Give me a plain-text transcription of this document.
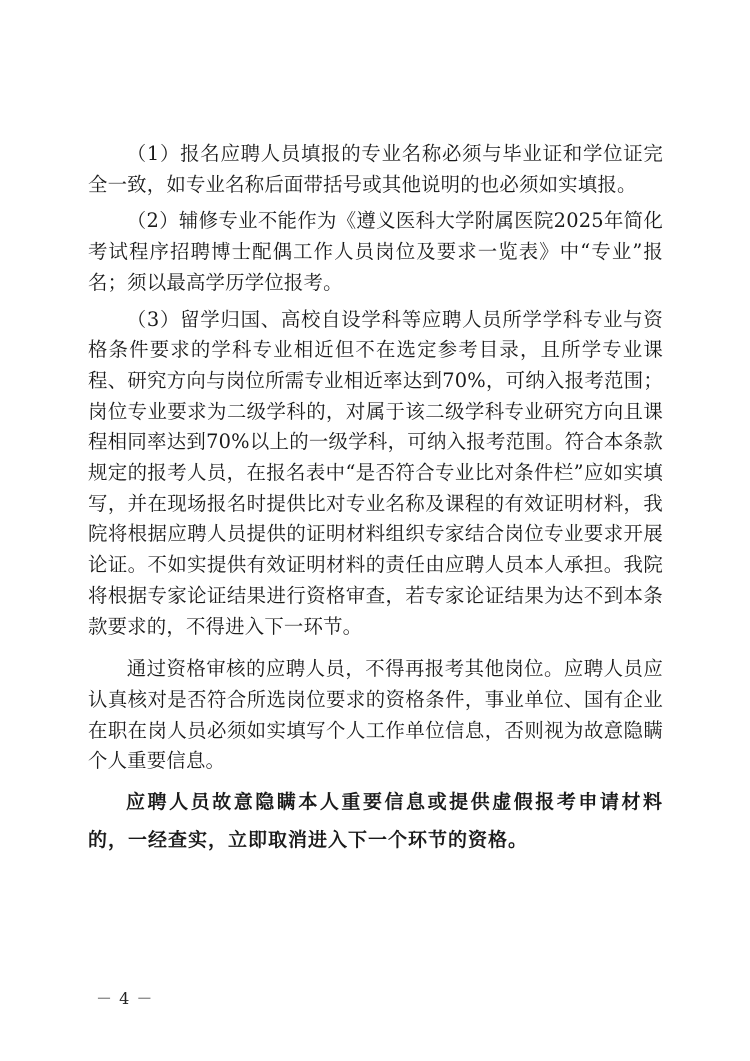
（1）报名应聘人员填报的专业名称必须与毕业证和学位证完全一致，如专业名称后面带括号或其他说明的也必须如实填报。

（2）辅修专业不能作为《遵义医科大学附属医院2025年简化考试程序招聘博士配偶工作人员岗位及要求一览表》中“专业”报名；须以最高学历学位报考。

（3）留学归国、高校自设学科等应聘人员所学学科专业与资格条件要求的学科专业相近但不在选定参考目录，且所学专业课程、研究方向与岗位所需专业相近率达到70%，可纳入报考范围；岗位专业要求为二级学科的，对属于该二级学科专业研究方向且课程相同率达到70%以上的一级学科，可纳入报考范围。符合本条款规定的报考人员，在报名表中“是否符合专业比对条件栏”应如实填写，并在现场报名时提供比对专业名称及课程的有效证明材料，我院将根据应聘人员提供的证明材料组织专家结合岗位专业要求开展论证。不如实提供有效证明材料的责任由应聘人员本人承担。我院将根据专家论证结果进行资格审查，若专家论证结果为达不到本条款要求的，不得进入下一环节。

通过资格审核的应聘人员，不得再报考其他岗位。应聘人员应认真核对是否符合所选岗位要求的资格条件，事业单位、国有企业在职在岗人员必须如实填写个人工作单位信息，否则视为故意隐瞒个人重要信息。

应聘人员故意隐瞒本人重要信息或提供虚假报考申请材料的，一经查实，立即取消进入下一个环节的资格。

－ 4 －
